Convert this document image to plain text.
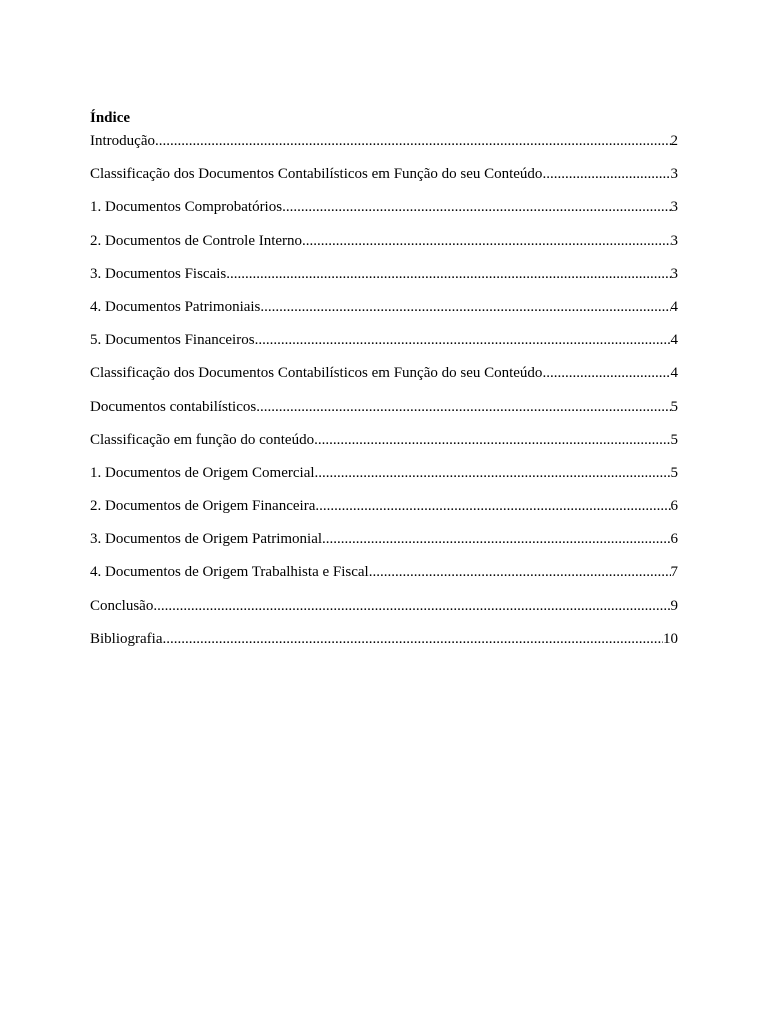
Índice
Introdução .....	2
Classificação dos Documentos Contabilísticos em Função do seu Conteúdo .....	3
1. Documentos Comprobatórios .....	3
2. Documentos de Controle Interno .....	3
3. Documentos Fiscais .....	3
4. Documentos Patrimoniais .....	4
5. Documentos Financeiros .....	4
Classificação dos Documentos Contabilísticos em Função do seu Conteúdo .....	4
Documentos contabilísticos .....	5
Classificação em função do conteúdo .....	5
1. Documentos de Origem Comercial .....	5
2. Documentos de Origem Financeira .....	6
3. Documentos de Origem Patrimonial .....	6
4. Documentos de Origem Trabalhista e Fiscal .....	7
Conclusão .....	9
Bibliografia .....	10
